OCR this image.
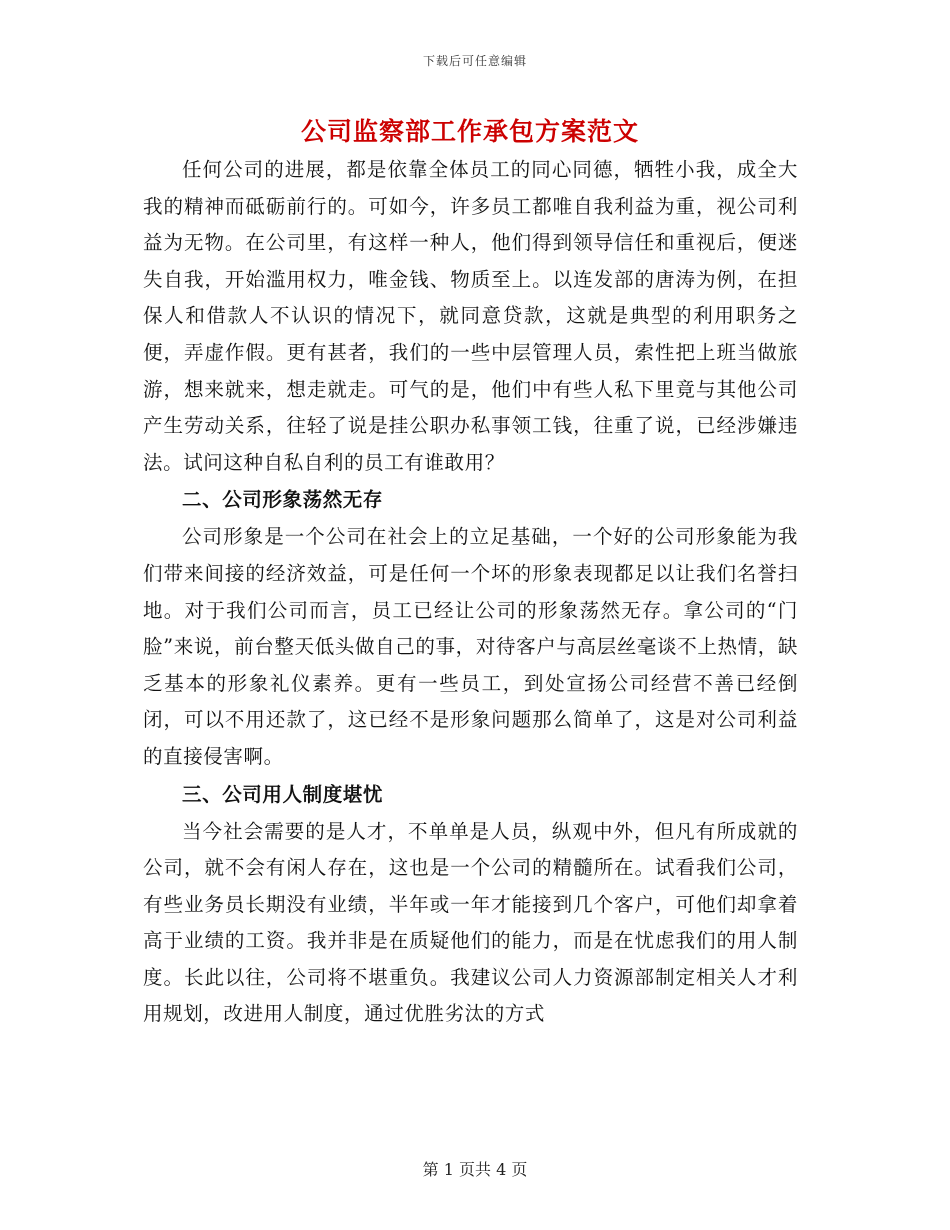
下载后可任意编辑
公司监察部工作承包方案范文

任何公司的进展，都是依靠全体员工的同心同德，牺牲小我，成全大我的精神而砥砺前行的。可如今，许多员工都唯自我利益为重，视公司利益为无物。在公司里，有这样一种人，他们得到领导信任和重视后，便迷失自我，开始滥用权力，唯金钱、物质至上。以连发部的唐涛为例，在担保人和借款人不认识的情况下，就同意贷款，这就是典型的利用职务之便，弄虚作假。更有甚者，我们的一些中层管理人员，索性把上班当做旅游，想来就来，想走就走。可气的是，他们中有些人私下里竟与其他公司产生劳动关系，往轻了说是挂公职办私事领工钱，往重了说，已经涉嫌违法。试问这种自私自利的员工有谁敢用？

二、公司形象荡然无存

公司形象是一个公司在社会上的立足基础，一个好的公司形象能为我们带来间接的经济效益，可是任何一个坏的形象表现都足以让我们名誉扫地。对于我们公司而言，员工已经让公司的形象荡然无存。拿公司的“门脸”来说，前台整天低头做自己的事，对待客户与高层丝毫谈不上热情，缺乏基本的形象礼仪素养。更有一些员工，到处宣扬公司经营不善已经倒闭，可以不用还款了，这已经不是形象问题那么简单了，这是对公司利益的直接侵害啊。

三、公司用人制度堪忧

当今社会需要的是人才，不单单是人员，纵观中外，但凡有所成就的公司，就不会有闲人存在，这也是一个公司的精髓所在。试看我们公司，有些业务员长期没有业绩，半年或一年才能接到几个客户，可他们却拿着高于业绩的工资。我并非是在质疑他们的能力，而是在忧虑我们的用人制度。长此以往，公司将不堪重负。我建议公司人力资源部制定相关人才利用规划，改进用人制度，通过优胜劣汰的方式

第 1 页共 4 页
